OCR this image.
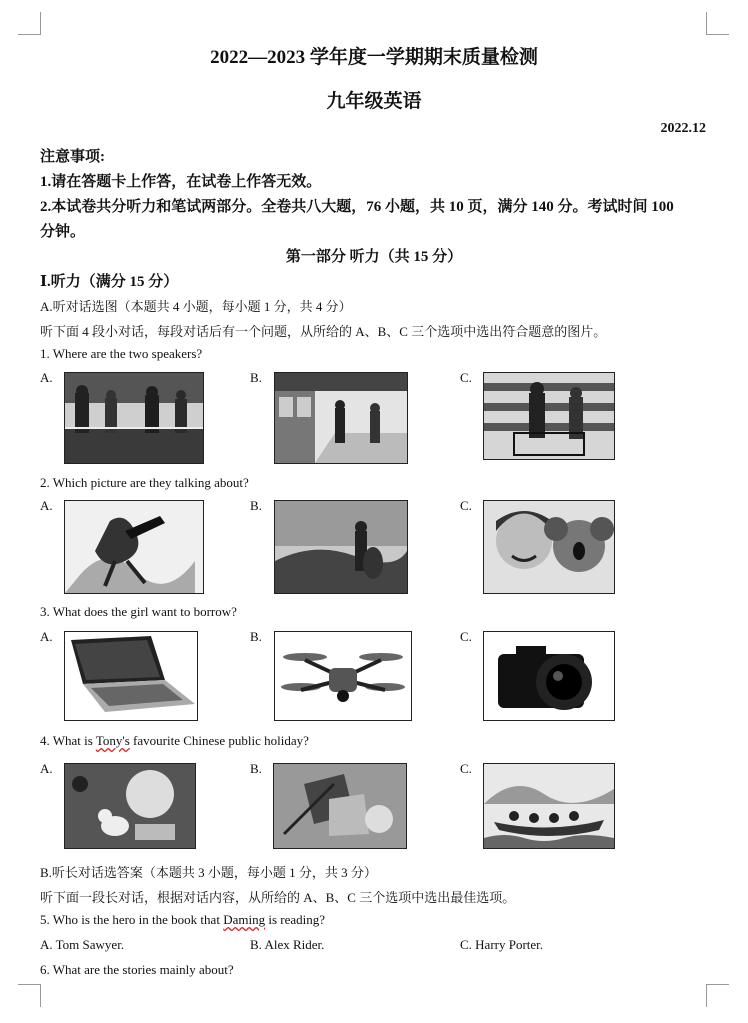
2022—2023 学年度一学期期末质量检测
九年级英语
2022.12
注意事项:
1.请在答题卡上作答，在试卷上作答无效。
2.本试卷共分听力和笔试两部分。全卷共八大题，76 小题，共 10 页，满分 140 分。考试时间 100
分钟。
第一部分 听力（共 15 分）
Ⅰ.听力（满分 15 分）
A.听对话选图（本题共 4 小题，每小题 1 分，共 4 分）
听下面 4 段小对话，每段对话后有一个问题，从所给的 A、B、C 三个选项中选出符合题意的图片。
1. Where are the two speakers?
A.	B.	C.
2. Which picture are they talking about?
A.	B.	C.
3. What does the girl want to borrow?
A.	B.	C.
4. What is Tony's favourite Chinese public holiday?
A.	B.	C.
B.听长对话选答案（本题共 3 小题，每小题 1 分，共 3 分）
听下面一段长对话，根据对话内容，从所给的 A、B、C 三个选项中选出最佳选项。
5. Who is the hero in the book that Daming is reading?
A. Tom Sawyer.	B. Alex Rider.	C. Harry Porter.
6. What are the stories mainly about?
